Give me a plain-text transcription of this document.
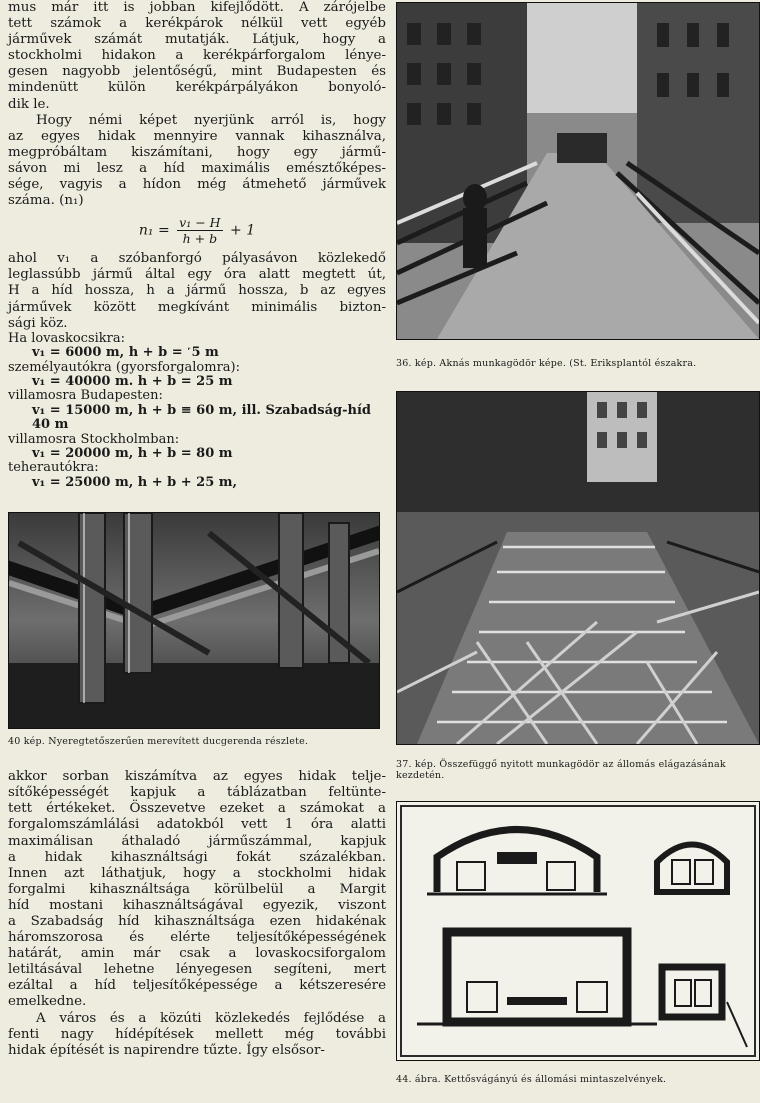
mus már itt is jobban kifejlődött. A zárójelbe
tett számok a kerékpárok nélkül vett egyéb
járművek számát mutatják. Látjuk, hogy a
stockholmi hidakon a kerékpárforgalom lénye-
gesen nagyobb jelentőségű, mint Budapesten és
mindenütt külön kerékpárpályákon bonyoló-
dik le.
Hogy némi képet nyerjünk arról is, hogy
az egyes hidak mennyire vannak kihasználva,
megpróbáltam kiszámítani, hogy egy jármű-
sávon mi lesz a híd maximális emésztőképes-
sége, vagyis a hídon még átmehető járművek
száma. (n₁)
$n_1 = \frac{\text{v₁ − H}}{h + b} + 1$
ahol v₁ a szóbanforgó pályasávon közlekedő
leglassúbb jármű által egy óra alatt megtett út,
H a híd hossza, h a jármű hossza, b az egyes
járművek között megkívánt minimális bizton-
sági köz.
Ha lovaskocsikra:
v₁ = 6000 m, h + b = ˹5 m
személyautókra (gyorsforgalomra):
v₁ = 40000 m. h + b = 25 m
villamosra Budapesten:
v₁ = 15000 m, h + b ≡ 60 m, ill. Szabadság-híd 40 m
villamosra Stockholmban:
v₁ = 20000 m, h + b = 80 m
teherautókra:
v₁ = 25000 m, h + b + 25 m,
40 kép. Nyeregtetőszerűen merevített ducgerenda részlete.
akkor sorban kiszámítva az egyes hidak telje-
sítőképességét kapjuk a táblázatban feltünte-
tett értékeket. Összevetve ezeket a számokat a
forgalomszámlálási adatokból vett 1 óra alatti
maximálisan áthaladó járműszámmal, kapjuk
a hidak kihasználtsági fokát százalékban.
Innen azt láthatjuk, hogy a stockholmi hidak
forgalmi kihasználtsága körülbelül a Margit
híd mostani kihasználtságával egyezik, viszont
a Szabadság híd kihasználtsága ezen hidakénak
háromszorosa és elérte teljesítőképességének
határát, amin már csak a lovaskocsiforgalom
letiltásával lehetne lényegesen segíteni, mert
ezáltal a híd teljesítőképessége a kétszeresére
emelkedne.
A város és a közúti közlekedés fejlődése a
fenti nagy hídépítések mellett még további
hidak építését is napirendre tűzte. Így elsősor-
36. kép. Aknás munkagödör képe. (St. Eriksplantól északra.
37. kép. Összefüggő nyitott munkagödör az állomás elágazásának kezdetén.
44. ábra. Kettősvágányú és állomási mintaszelvények.
